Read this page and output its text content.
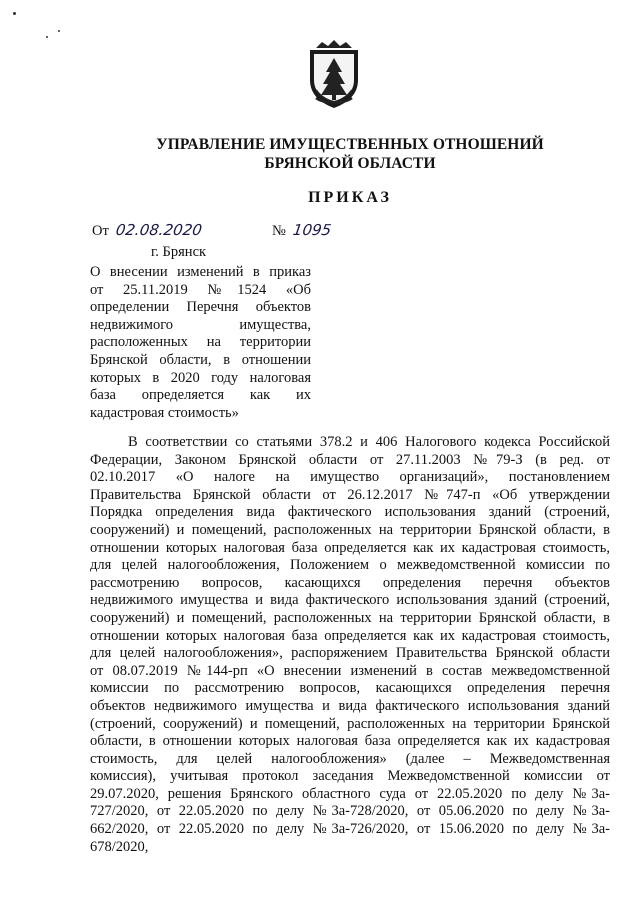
УПРАВЛЕНИЕ ИМУЩЕСТВЕННЫХ ОТНОШЕНИЙ
БРЯНСКОЙ ОБЛАСТИ
ПРИКАЗ
От 02.08.2020	№ 1095
г. Брянск
О внесении изменений в приказ
от 25.11.2019 №1524 «Об
определении Перечня объектов
недвижимого имущества,
расположенных на территории
Брянской области, в отношении
которых в 2020 году налоговая
база определяется как их
кадастровая стоимость»
В соответствии со статьями 378.2 и 406 Налогового кодекса Российской
Федерации, Законом Брянской области от 27.11.2003 №79-З (в ред. от
02.10.2017 «О налоге на имущество организаций», постановлением
Правительства Брянской области от 26.12.2017 №747-п «Об утверждении
Порядка определения вида фактического использования зданий (строений,
сооружений) и помещений, расположенных на территории Брянской области, в
отношении которых налоговая база определяется как их кадастровая стоимость,
для целей налогообложения, Положением о межведомственной комиссии по
рассмотрению вопросов, касающихся определения перечня объектов
недвижимого имущества и вида фактического использования зданий (строений,
сооружений) и помещений, расположенных на территории Брянской области, в
отношении которых налоговая база определяется как их кадастровая стоимость,
для целей налогообложения», распоряжением Правительства Брянской области
от 08.07.2019 №144-рп «О внесении изменений в состав межведомственной
комиссии по рассмотрению вопросов, касающихся определения перечня
объектов недвижимого имущества и вида фактического использования зданий
(строений, сооружений) и помещений, расположенных на территории Брянской
области, в отношении которых налоговая база определяется как их кадастровая
стоимость, для целей налогообложения» (далее – Межведомственная
комиссия), учитывая протокол заседания Межведомственной комиссии от
29.07.2020, решения Брянского областного суда от 22.05.2020 по делу №3а-
727/2020, от 22.05.2020 по делу №3а-728/2020, от 05.06.2020 по делу №3а-
662/2020, от 22.05.2020 по делу №3а-726/2020, от 15.06.2020 по делу №3а-
678/2020,
